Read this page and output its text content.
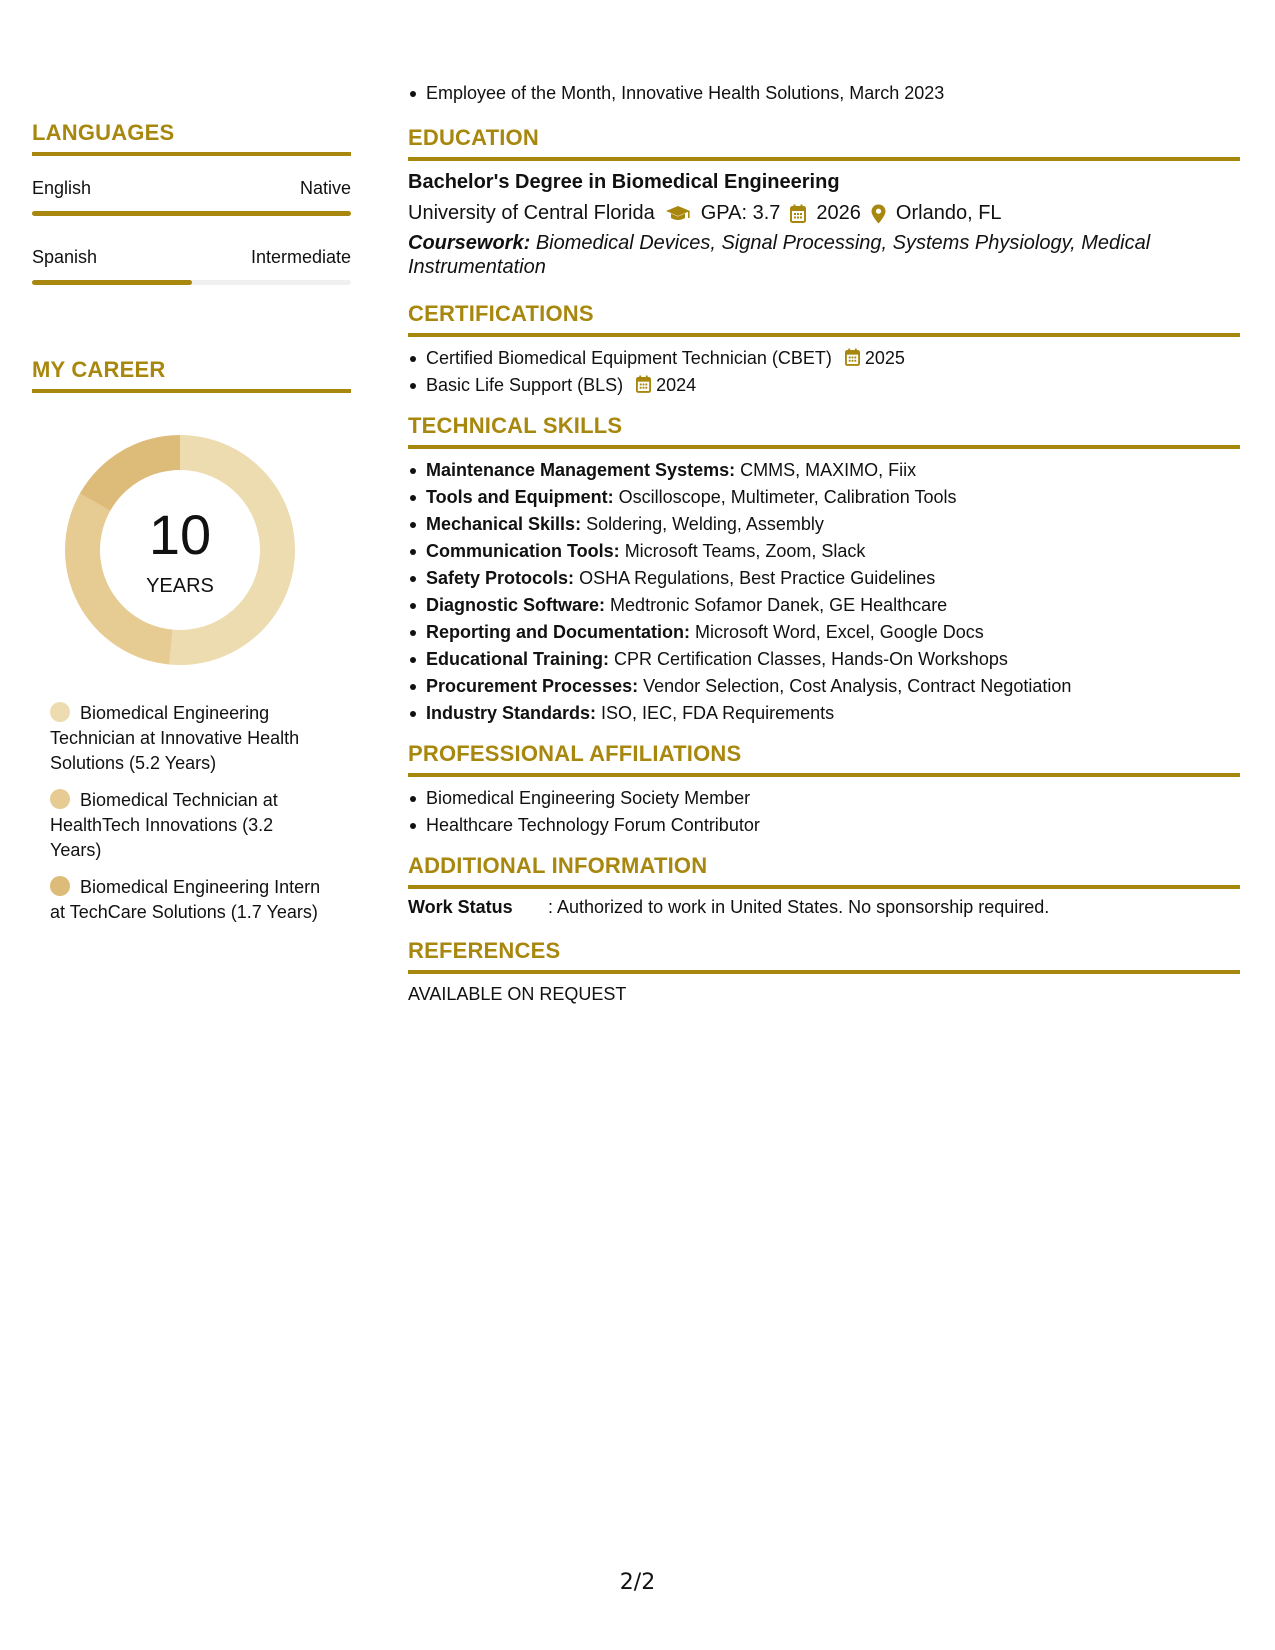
LANGUAGES
English	Native
Spanish	Intermediate
MY CAREER
10
YEARS
Biomedical Engineering Technician at Innovative Health Solutions (5.2 Years)
Biomedical Technician at HealthTech Innovations (3.2 Years)
Biomedical Engineering Intern at TechCare Solutions (1.7 Years)
Employee of the Month, Innovative Health Solutions, March 2023
EDUCATION
Bachelor's Degree in Biomedical Engineering
University of Central Florida GPA: 3.7 2026 Orlando, FL
Coursework: Biomedical Devices, Signal Processing, Systems Physiology, Medical Instrumentation
CERTIFICATIONS
Certified Biomedical Equipment Technician (CBET) 2025
Basic Life Support (BLS) 2024
TECHNICAL SKILLS
Maintenance Management Systems: CMMS, MAXIMO, Fiix
Tools and Equipment: Oscilloscope, Multimeter, Calibration Tools
Mechanical Skills: Soldering, Welding, Assembly
Communication Tools: Microsoft Teams, Zoom, Slack
Safety Protocols: OSHA Regulations, Best Practice Guidelines
Diagnostic Software: Medtronic Sofamor Danek, GE Healthcare
Reporting and Documentation: Microsoft Word, Excel, Google Docs
Educational Training: CPR Certification Classes, Hands-On Workshops
Procurement Processes: Vendor Selection, Cost Analysis, Contract Negotiation
Industry Standards: ISO, IEC, FDA Requirements
PROFESSIONAL AFFILIATIONS
Biomedical Engineering Society Member
Healthcare Technology Forum Contributor
ADDITIONAL INFORMATION
Work Status	: Authorized to work in United States. No sponsorship required.
REFERENCES
AVAILABLE ON REQUEST
2/2
